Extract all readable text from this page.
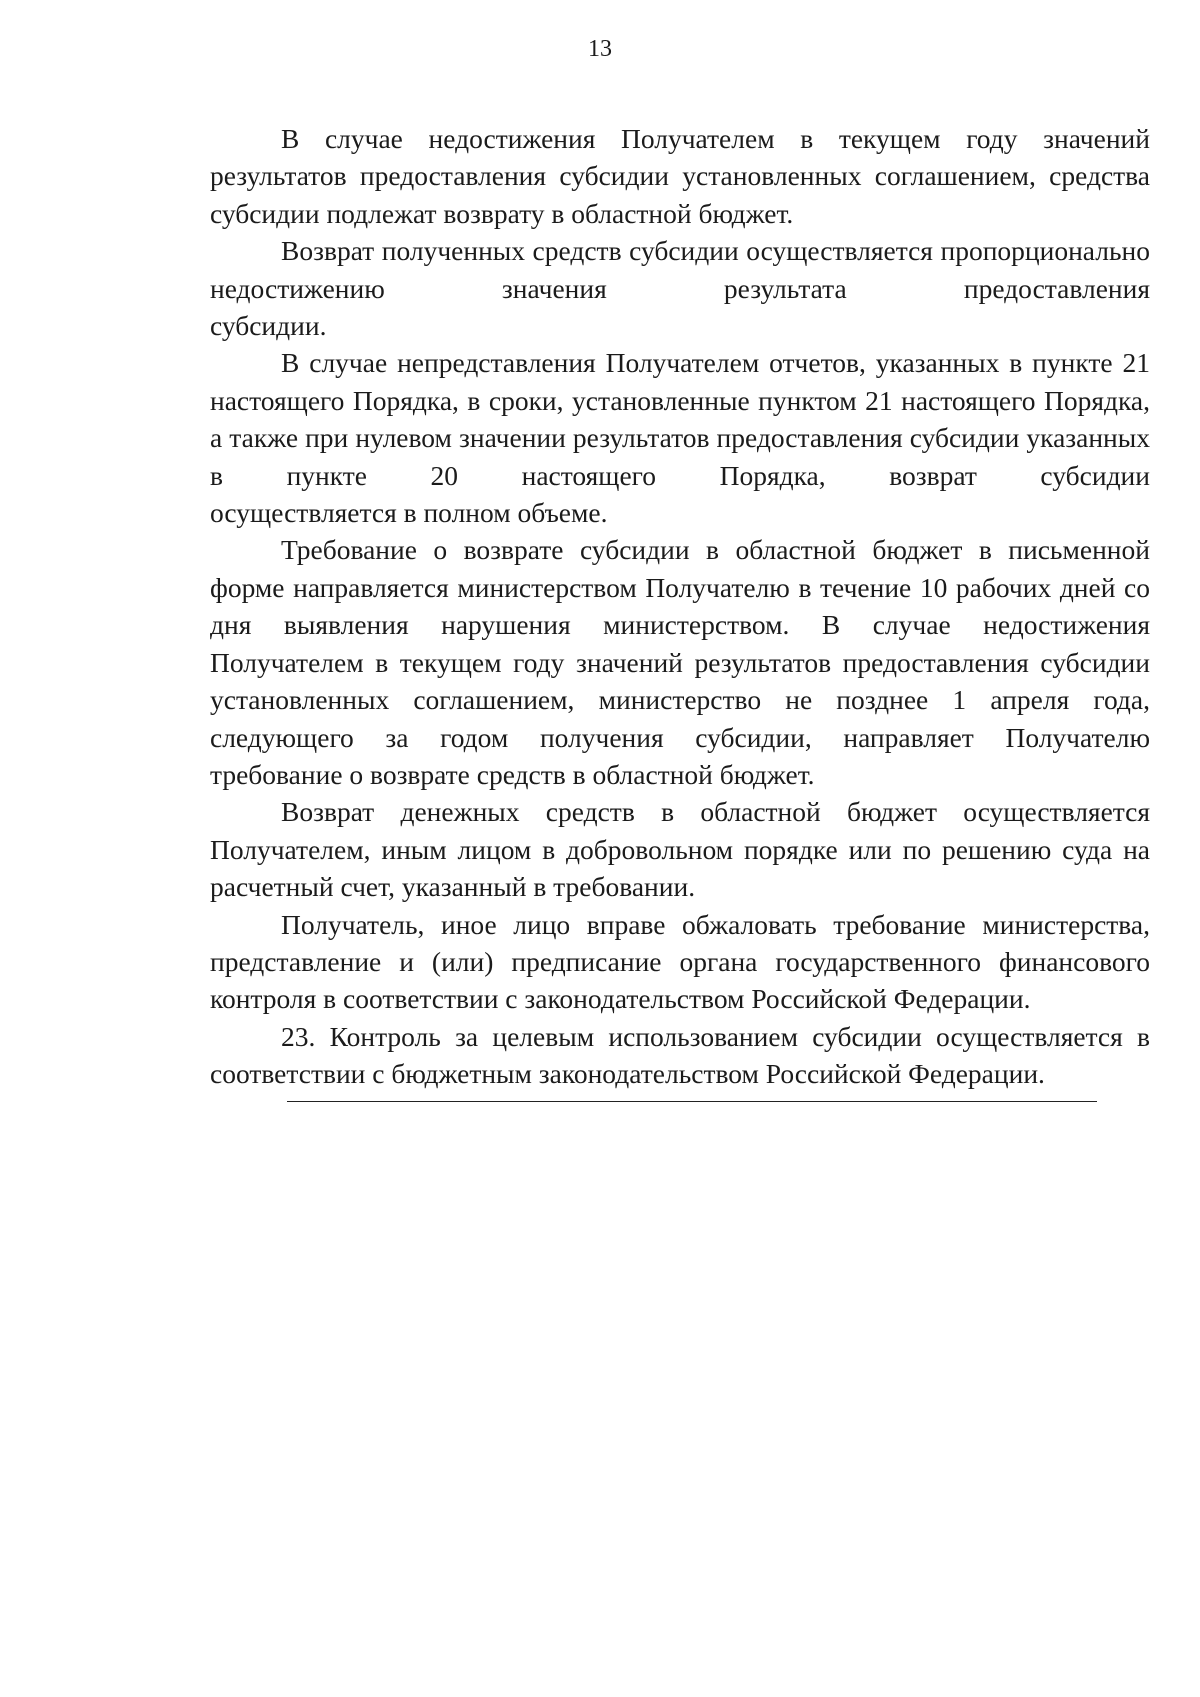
13
В случае недостижения Получателем в текущем году значений результатов предоставления субсидии установленных соглашением, средства
субсидии подлежат возврату в областной бюджет.
Возврат полученных средств субсидии осуществляется пропорционально недостижению значения результата предоставления
субсидии.
В случае непредставления Получателем отчетов, указанных в пункте 21 настоящего Порядка, в сроки, установленные пунктом 21 настоящего Порядка, а также при нулевом значении результатов предоставления субсидии указанных в пункте 20 настоящего Порядка, возврат субсидии
осуществляется в полном объеме.
Требование о возврате субсидии в областной бюджет в письменной форме направляется министерством Получателю в течение 10 рабочих дней со дня выявления нарушения министерством. В случае недостижения Получателем в текущем году значений результатов предоставления субсидии установленных соглашением, министерство не позднее 1 апреля года, следующего за годом получения субсидии, направляет Получателю
требование о возврате средств в областной бюджет.
Возврат денежных средств в областной бюджет осуществляется Получателем, иным лицом в добровольном порядке или по решению суда на
расчетный счет, указанный в требовании.
Получатель, иное лицо вправе обжаловать требование министерства, представление и (или) предписание органа государственного финансового
контроля в соответствии с законодательством Российской Федерации.
23. Контроль за целевым использованием субсидии осуществляется в
соответствии с бюджетным законодательством Российской Федерации.
